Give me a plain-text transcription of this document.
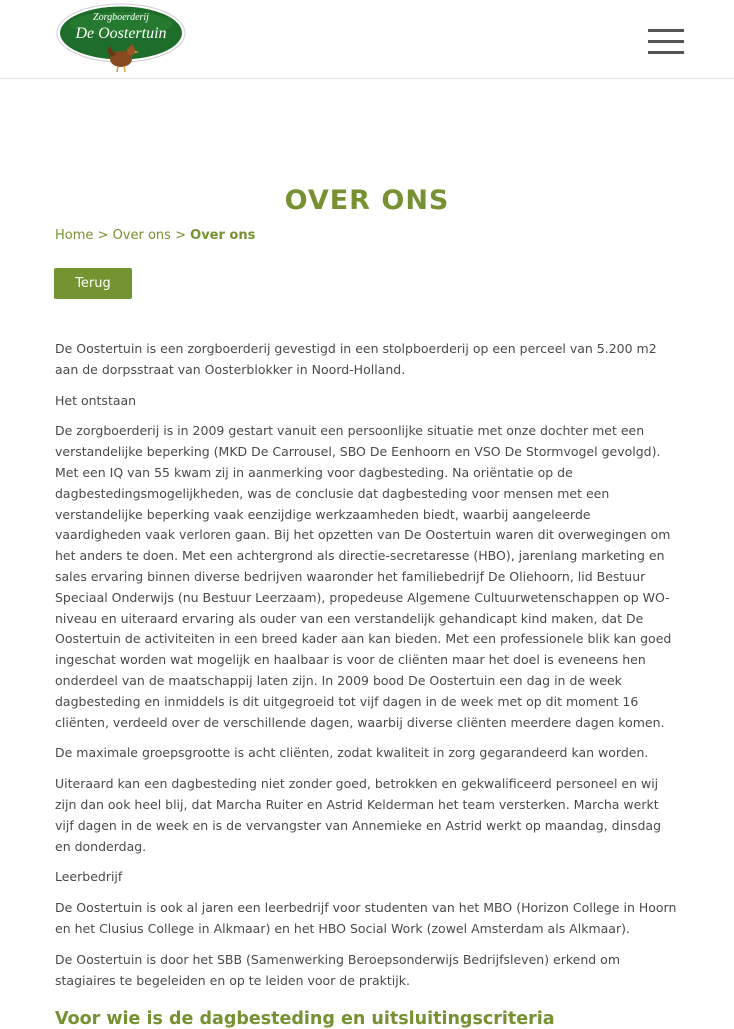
Zorgboerderij
De Oostertuin
OVER ONS
Home > Over ons > Over ons
Terug

De Oostertuin is een zorgboerderij gevestigd in een stolpboerderij op een perceel van 5.200 m2 aan de dorpsstraat van Oosterblokker in Noord-Holland.

Het ontstaan

De zorgboerderij is in 2009 gestart vanuit een persoonlijke situatie met onze dochter met een verstandelijke beperking (MKD De Carrousel, SBO De Eenhoorn en VSO De Stormvogel gevolgd). Met een IQ van 55 kwam zij in aanmerking voor dagbesteding. Na oriëntatie op de dagbestedingsmogelijkheden, was de conclusie dat dagbesteding voor mensen met een verstandelijke beperking vaak eenzijdige werkzaamheden biedt, waarbij aangeleerde vaardigheden vaak verloren gaan. Bij het opzetten van De Oostertuin waren dit overwegingen om het anders te doen. Met een achtergrond als directie-secretaresse (HBO), jarenlang marketing en sales ervaring binnen diverse bedrijven waaronder het familiebedrijf De Oliehoorn, lid Bestuur Speciaal Onderwijs (nu Bestuur Leerzaam), propedeuse Algemene Cultuurwetenschappen op WO-niveau en uiteraard ervaring als ouder van een verstandelijk gehandicapt kind maken, dat De Oostertuin de activiteiten in een breed kader aan kan bieden. Met een professionele blik kan goed ingeschat worden wat mogelijk en haalbaar is voor de cliënten maar het doel is eveneens hen onderdeel van de maatschappij laten zijn. In 2009 bood De Oostertuin een dag in de week dagbesteding en inmiddels is dit uitgegroeid tot vijf dagen in de week met op dit moment 16 cliënten, verdeeld over de verschillende dagen, waarbij diverse cliënten meerdere dagen komen.

De maximale groepsgrootte is acht cliënten, zodat kwaliteit in zorg gegarandeerd kan worden.

Uiteraard kan een dagbesteding niet zonder goed, betrokken en gekwalificeerd personeel en wij zijn dan ook heel blij, dat Marcha Ruiter en Astrid Kelderman het team versterken. Marcha werkt vijf dagen in de week en is de vervangster van Annemieke en Astrid werkt op maandag, dinsdag en donderdag.

Leerbedrijf

De Oostertuin is ook al jaren een leerbedrijf voor studenten van het MBO (Horizon College in Hoorn en het Clusius College in Alkmaar) en het HBO Social Work (zowel Amsterdam als Alkmaar).

De Oostertuin is door het SBB (Samenwerking Beroepsonderwijs Bedrijfsleven) erkend om stagiaires te begeleiden en op te leiden voor de praktijk.

Voor wie is de dagbesteding en uitsluitingscriteria
